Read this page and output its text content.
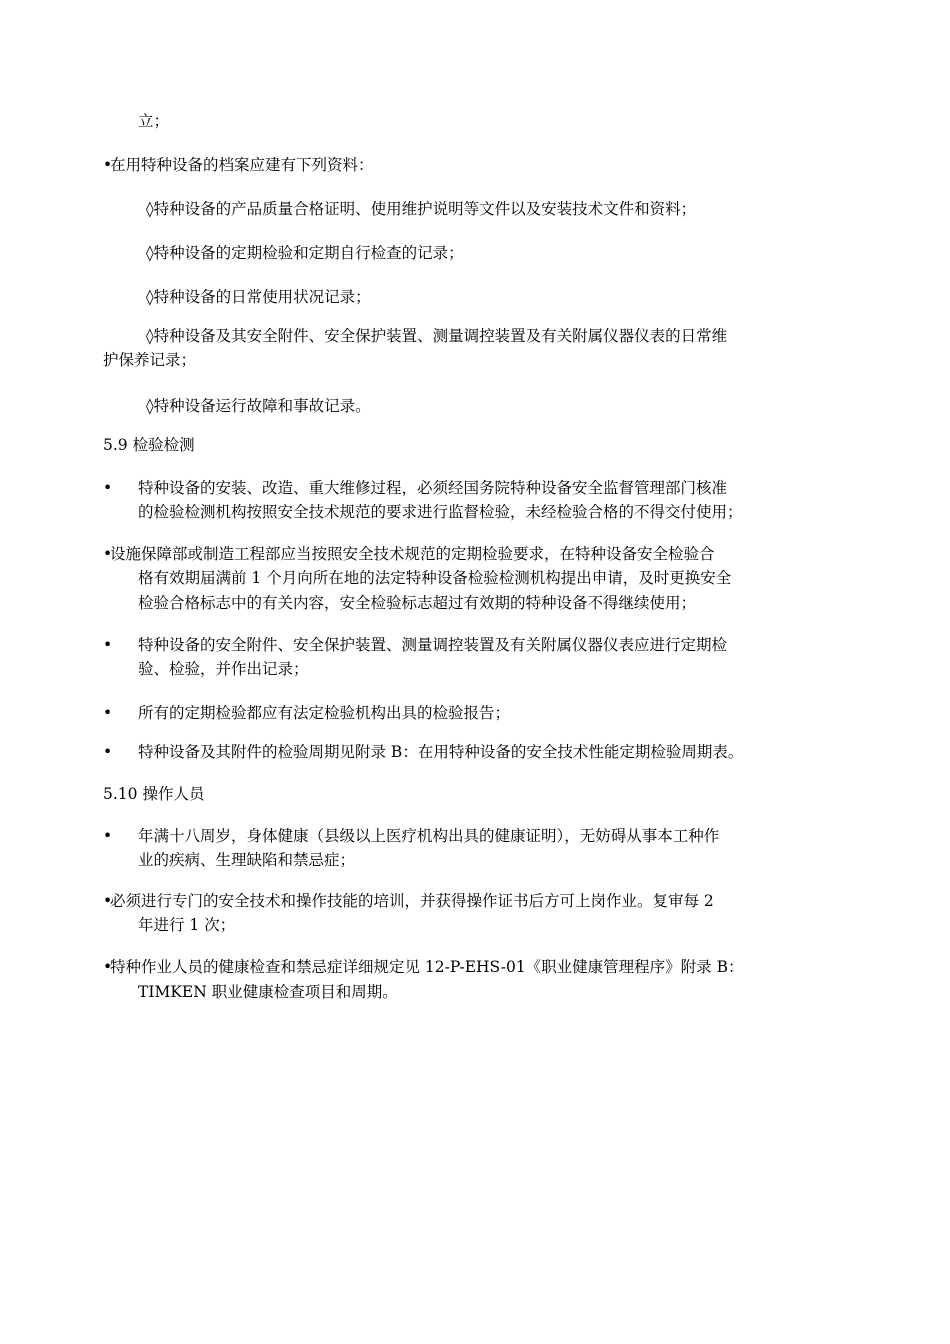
立；
•
在用特种设备的档案应建有下列资料：
◊特种设备的产品质量合格证明、使用维护说明等文件以及安装技术文件和资料；
◊特种设备的定期检验和定期自行检查的记录；
◊特种设备的日常使用状况记录；
◊特种设备及其安全附件、安全保护装置、测量调控装置及有关附属仪器仪表的日常维
护保养记录；
◊特种设备运行故障和事故记录。
5.9 检验检测
• 特种设备的安装、改造、重大维修过程，必须经国务院特种设备安全监督管理部门核准
的检验检测机构按照安全技术规范的要求进行监督检验，未经检验合格的不得交付使用；
•
设施保障部或制造工程部应当按照安全技术规范的定期检验要求，在特种设备安全检验合
格有效期届满前 1 个月向所在地的法定特种设备检验检测机构提出申请，及时更换安全
检验合格标志中的有关内容，安全检验标志超过有效期的特种设备不得继续使用；
• 特种设备的安全附件、安全保护装置、测量调控装置及有关附属仪器仪表应进行定期检
验、检验，并作出记录；
• 所有的定期检验都应有法定检验机构出具的检验报告；
• 特种设备及其附件的检验周期见附录 B：在用特种设备的安全技术性能定期检验周期表。
5.10 操作人员
• 年满十八周岁，身体健康（县级以上医疗机构出具的健康证明），无妨碍从事本工种作
业的疾病、生理缺陷和禁忌症；
•
必须进行专门的安全技术和操作技能的培训，并获得操作证书后方可上岗作业。复审每 2
年进行 1 次；
•
特种作业人员的健康检查和禁忌症详细规定见 12-P-EHS-01《职业健康管理程序》附录 B：
TIMKEN 职业健康检查项目和周期。
